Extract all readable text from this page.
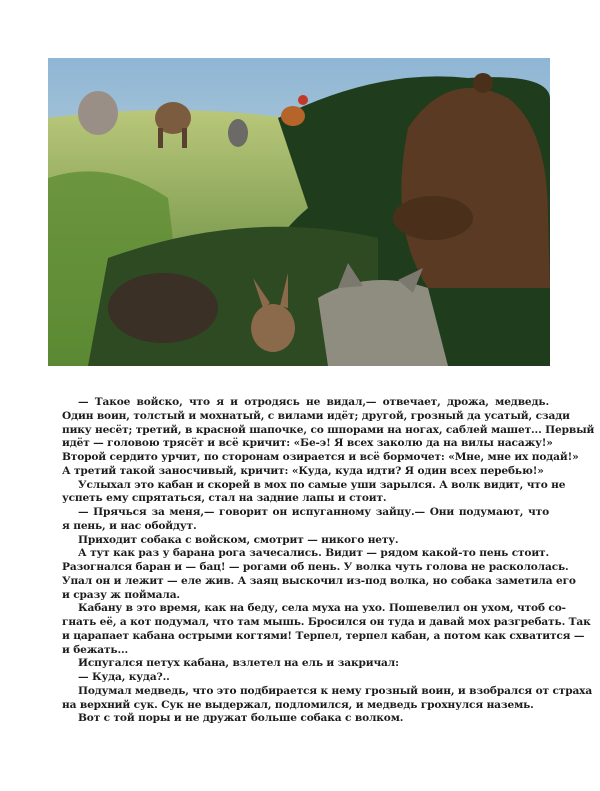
— Такое войско, что я и отродясь не видал,— отвечает, дрожа, медведь.
Один воин, толстый и мохнатый, с вилами идёт; другой, грозный да усатый, сзади
пику несёт; третий, в красной шапочке, со шпорами на ногах, саблей машет... Первый
идёт — головою трясёт и всё кричит: «Бе-э! Я всех заколю да на вилы насажу!»
Второй сердито урчит, по сторонам озирается и всё бормочет: «Мне, мне их подай!»
А третий такой заносчивый, кричит: «Куда, куда идти? Я один всех перебью!»
Услыхал это кабан и скорей в мох по самые уши зарылся. А волк видит, что не
успеть ему спрятаться, стал на задние лапы и стоит.
— Прячься за меня,— говорит он испуганному зайцу.— Они подумают, что
я пень, и нас обойдут.
Приходит собака с войском, смотрит — никого нету.
А тут как раз у барана рога зачесались. Видит — рядом какой-то пень стоит.
Разогнался баран и — бац! — рогами об пень. У волка чуть голова не раскололась.
Упал он и лежит — еле жив. А заяц выскочил из-под волка, но собака заметила его
и сразу ж поймала.
Кабану в это время, как на беду, села муха на ухо. Пошевелил он ухом, чтоб со-
гнать её, а кот подумал, что там мышь. Бросился он туда и давай мох разгребать. Так
и царапает кабана острыми когтями! Терпел, терпел кабан, а потом как схватится —
и бежать...
Испугался петух кабана, взлетел на ель и закричал:
— Куда, куда?..
Подумал медведь, что это подбирается к нему грозный воин, и взобрался от страха
на верхний сук. Сук не выдержал, подломился, и медведь грохнулся наземь.
Вот с той поры и не дружат больше собака с волком.
